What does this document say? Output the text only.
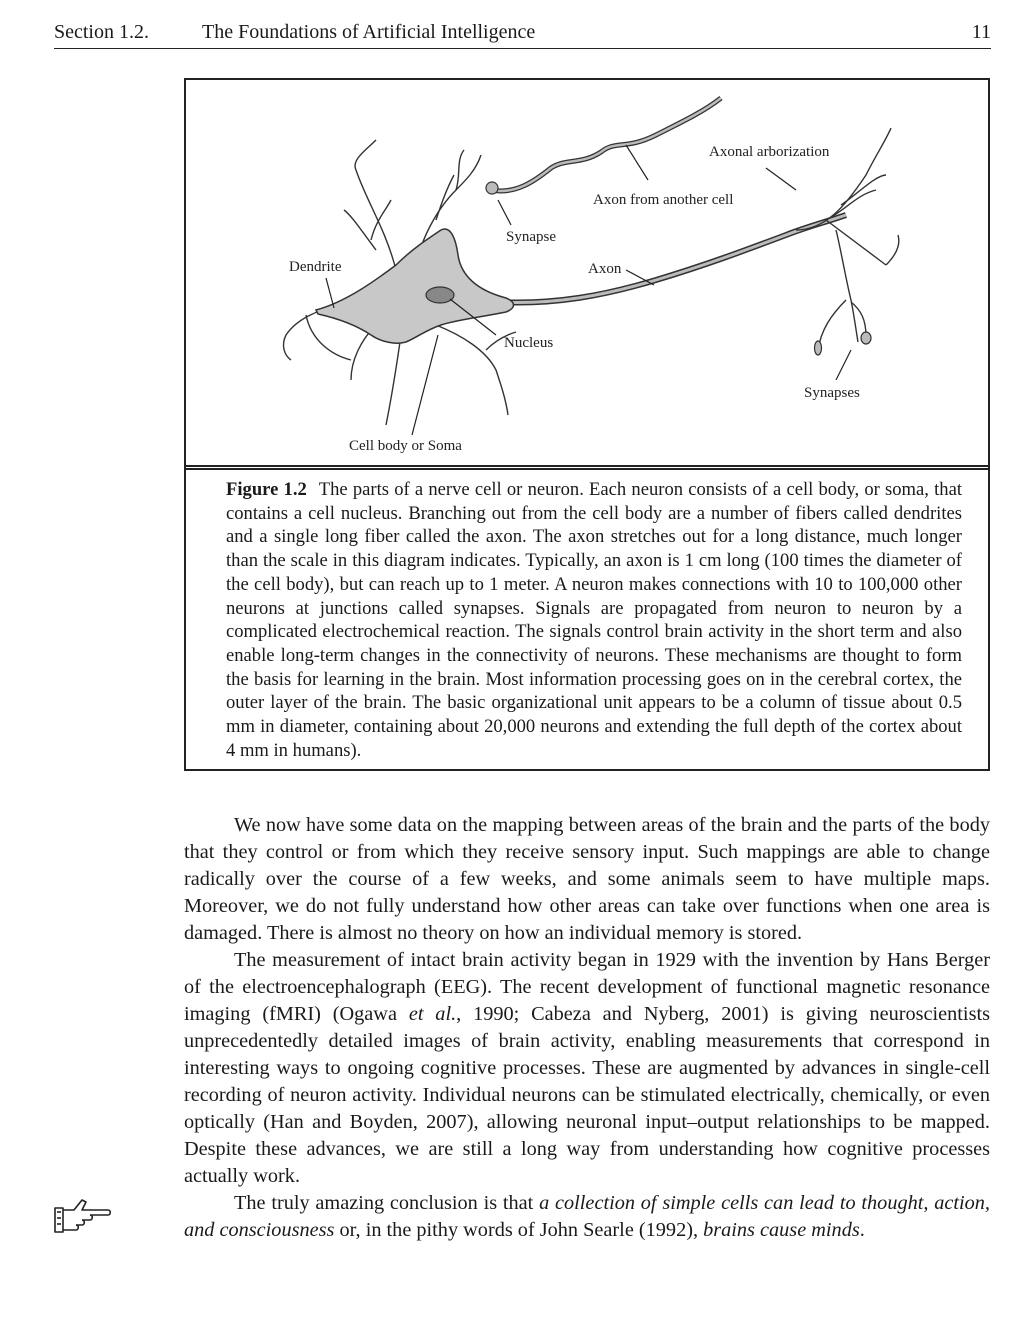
Section 1.2.	The Foundations of Artificial Intelligence	11
Axonal arborization
Axon from another cell
Synapse
Dendrite	Axon
Nucleus
Synapses
Cell body or Soma
Figure 1.2 The parts of a nerve cell or neuron. Each neuron consists of a cell body, or soma, that contains a cell nucleus. Branching out from the cell body are a number of fibers called dendrites and a single long fiber called the axon. The axon stretches out for a long distance, much longer than the scale in this diagram indicates. Typically, an axon is 1 cm long (100 times the diameter of the cell body), but can reach up to 1 meter. A neuron makes connections with 10 to 100,000 other neurons at junctions called synapses. Signals are propagated from neuron to neuron by a complicated electrochemical reaction. The signals control brain activity in the short term and also enable long-term changes in the connectivity of neurons. These mechanisms are thought to form the basis for learning in the brain. Most information processing goes on in the cerebral cortex, the outer layer of the brain. The basic organizational unit appears to be a column of tissue about 0.5 mm in diameter, containing about 20,000 neurons and extending the full depth of the cortex about 4 mm in humans).

We now have some data on the mapping between areas of the brain and the parts of the body that they control or from which they receive sensory input. Such mappings are able to change radically over the course of a few weeks, and some animals seem to have multiple maps. Moreover, we do not fully understand how other areas can take over functions when one area is damaged. There is almost no theory on how an individual memory is stored.

The measurement of intact brain activity began in 1929 with the invention by Hans Berger of the electroencephalograph (EEG). The recent development of functional magnetic resonance imaging (fMRI) (Ogawa et al., 1990; Cabeza and Nyberg, 2001) is giving neuroscientists unprecedentedly detailed images of brain activity, enabling measurements that correspond in interesting ways to ongoing cognitive processes. These are augmented by advances in single-cell recording of neuron activity. Individual neurons can be stimulated electrically, chemically, or even optically (Han and Boyden, 2007), allowing neuronal input–output relationships to be mapped. Despite these advances, we are still a long way from understanding how cognitive processes actually work.

The truly amazing conclusion is that a collection of simple cells can lead to thought, action, and consciousness or, in the pithy words of John Searle (1992), brains cause minds.
